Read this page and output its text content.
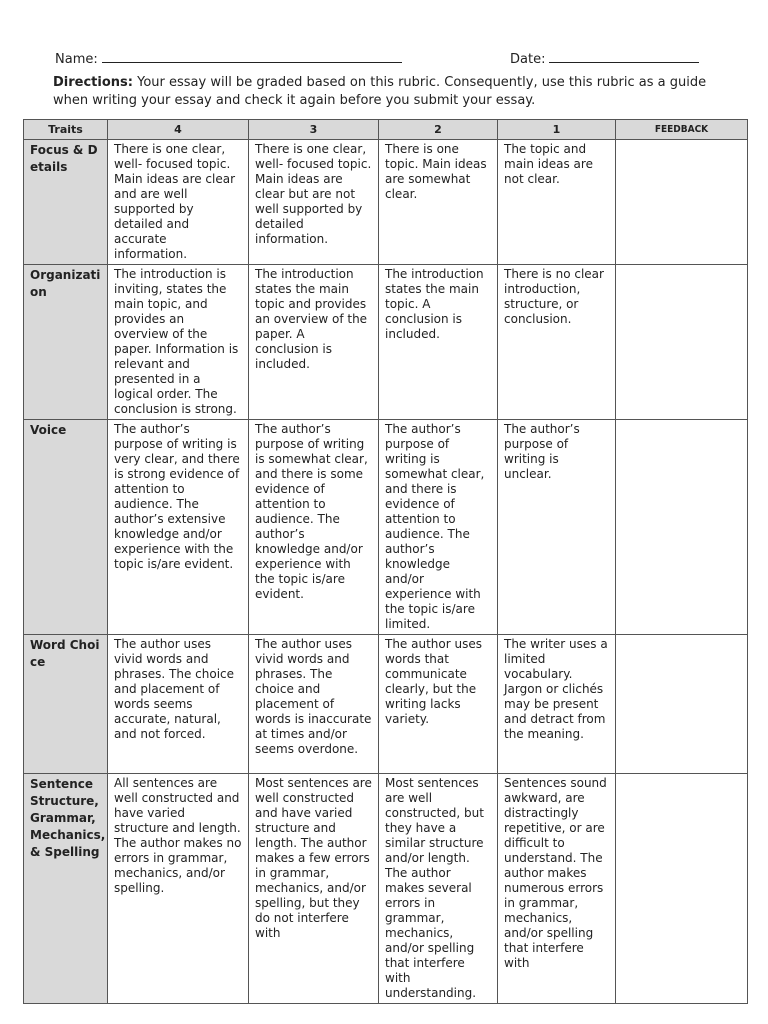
Name:	Date:
Directions: Your essay will be graded based on this rubric. Consequently, use this rubric as a guide when writing your essay and check it again before you submit your essay.
Traits	4	3	2	1	FEEDBACK
Focus & Details	There is one clear, well- focused topic. Main ideas are clear and are well supported by detailed and accurate information.	There is one clear, well- focused topic. Main ideas are clear but are not well supported by detailed information.	There is one topic. Main ideas are somewhat clear.	The topic and main ideas are not clear.	
Organization	The introduction is inviting, states the main topic, and provides an overview of the paper. Information is relevant and presented in a logical order. The conclusion is strong.	The introduction states the main topic and provides an overview of the paper. A conclusion is included.	The introduction states the main topic. A conclusion is included.	There is no clear introduction, structure, or conclusion.	
Voice	The author’s purpose of writing is very clear, and there is strong evidence of attention to audience. The author’s extensive knowledge and/or experience with the topic is/are evident.	The author’s purpose of writing is somewhat clear, and there is some evidence of attention to audience. The author’s knowledge and/or experience with the topic is/are evident.	The author’s purpose of writing is somewhat clear, and there is evidence of attention to audience. The author’s knowledge and/or experience with the topic is/are limited.	The author’s purpose of writing is unclear.	
Word Choice	The author uses vivid words and phrases. The choice and placement of words seems accurate, natural, and not forced.	The author uses vivid words and phrases. The choice and placement of words is inaccurate at times and/or seems overdone.	The author uses words that communicate clearly, but the writing lacks variety.	The writer uses a limited vocabulary. Jargon or clichés may be present and detract from the meaning.	
Sentence Structure, Grammar, Mechanics, & Spelling	All sentences are well constructed and have varied structure and length. The author makes no errors in grammar, mechanics, and/or spelling.	Most sentences are well constructed and have varied structure and length. The author makes a few errors in grammar, mechanics, and/or spelling, but they do not interfere with	Most sentences are well constructed, but they have a similar structure and/or length. The author makes several errors in grammar, mechanics, and/or spelling that interfere with understanding.	Sentences sound awkward, are distractingly repetitive, or are difficult to understand. The author makes numerous errors in grammar, mechanics, and/or spelling that interfere with	
